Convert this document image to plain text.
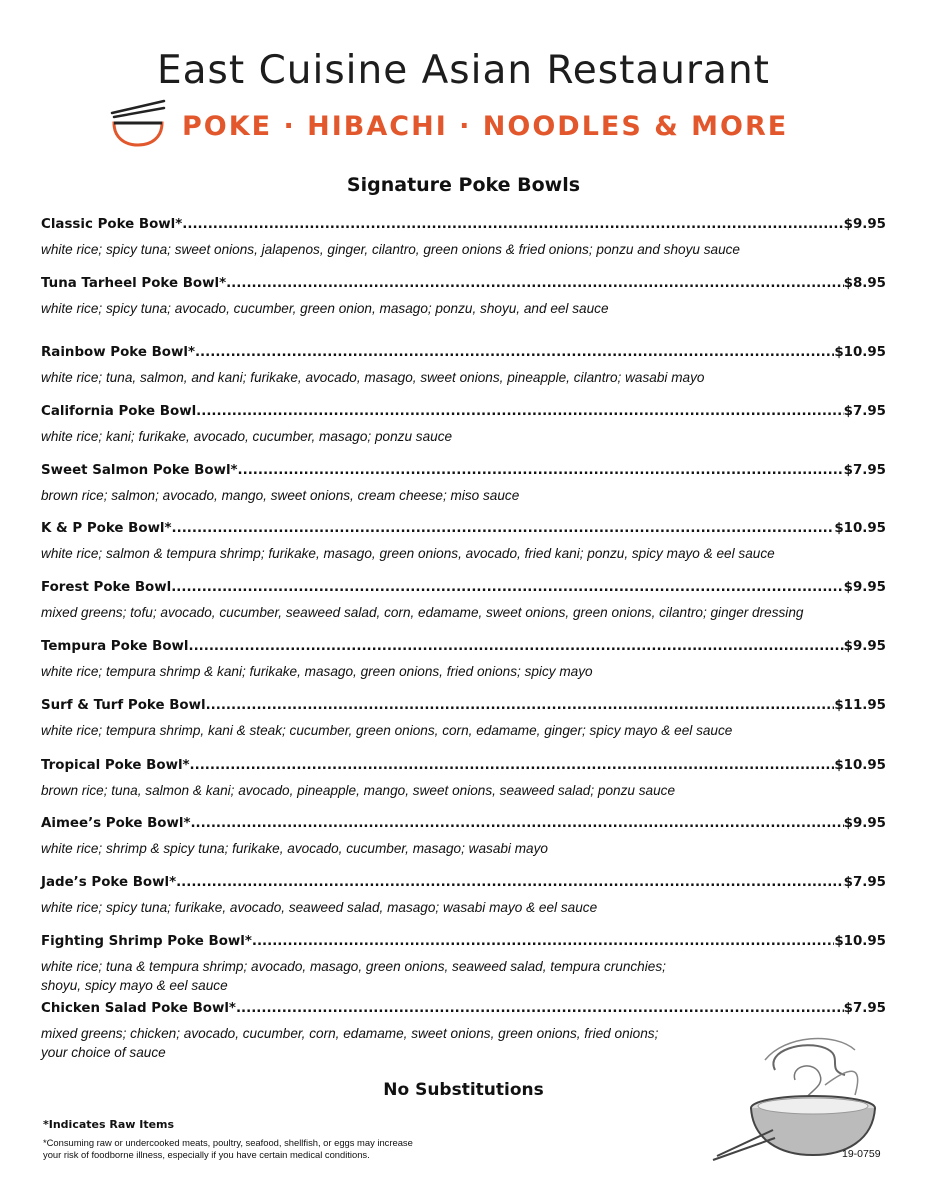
East Cuisine Asian Restaurant
POKE · HIBACHI · NOODLES & MORE
Signature Poke Bowls
Classic Poke Bowl* .....	$9.95
white rice; spicy tuna; sweet onions, jalapenos, ginger, cilantro, green onions & fried onions; ponzu and shoyu sauce
Tuna Tarheel Poke Bowl* .....	$8.95
white rice; spicy tuna; avocado, cucumber, green onion, masago; ponzu, shoyu, and eel sauce
Rainbow Poke Bowl* .....	$10.95
white rice; tuna, salmon, and kani; furikake, avocado, masago, sweet onions, pineapple, cilantro; wasabi mayo
California Poke Bowl .....	$7.95
white rice; kani; furikake, avocado, cucumber, masago; ponzu sauce
Sweet Salmon Poke Bowl* .....	$7.95
brown rice; salmon; avocado, mango, sweet onions, cream cheese; miso sauce
K & P Poke Bowl* .....	$10.95
white rice; salmon & tempura shrimp; furikake, masago, green onions, avocado, fried kani; ponzu, spicy mayo & eel sauce
Forest Poke Bowl .....	$9.95
mixed greens; tofu; avocado, cucumber, seaweed salad, corn, edamame, sweet onions, green onions, cilantro; ginger dressing
Tempura Poke Bowl .....	$9.95
white rice; tempura shrimp & kani; furikake, masago, green onions, fried onions; spicy mayo
Surf & Turf Poke Bowl .....	$11.95
white rice; tempura shrimp, kani & steak; cucumber, green onions, corn, edamame, ginger; spicy mayo & eel sauce
Tropical Poke Bowl* .....	$10.95
brown rice; tuna, salmon & kani; avocado, pineapple, mango, sweet onions, seaweed salad; ponzu sauce
Aimee’s Poke Bowl* .....	$9.95
white rice; shrimp & spicy tuna; furikake, avocado, cucumber, masago; wasabi mayo
Jade’s Poke Bowl* .....	$7.95
white rice; spicy tuna; furikake, avocado, seaweed salad, masago; wasabi mayo & eel sauce
Fighting Shrimp Poke Bowl* .....	$10.95
white rice; tuna & tempura shrimp; avocado, masago, green onions, seaweed salad, tempura crunchies;
shoyu, spicy mayo & eel sauce
Chicken Salad Poke Bowl* .....	$7.95
mixed greens; chicken; avocado, cucumber, corn, edamame, sweet onions, green onions, fried onions;
your choice of sauce
No Substitutions
*Indicates Raw Items
*Consuming raw or undercooked meats, poultry, seafood, shellfish, or eggs may increase
your risk of foodborne illness, especially if you have certain medical conditions.	19-0759
